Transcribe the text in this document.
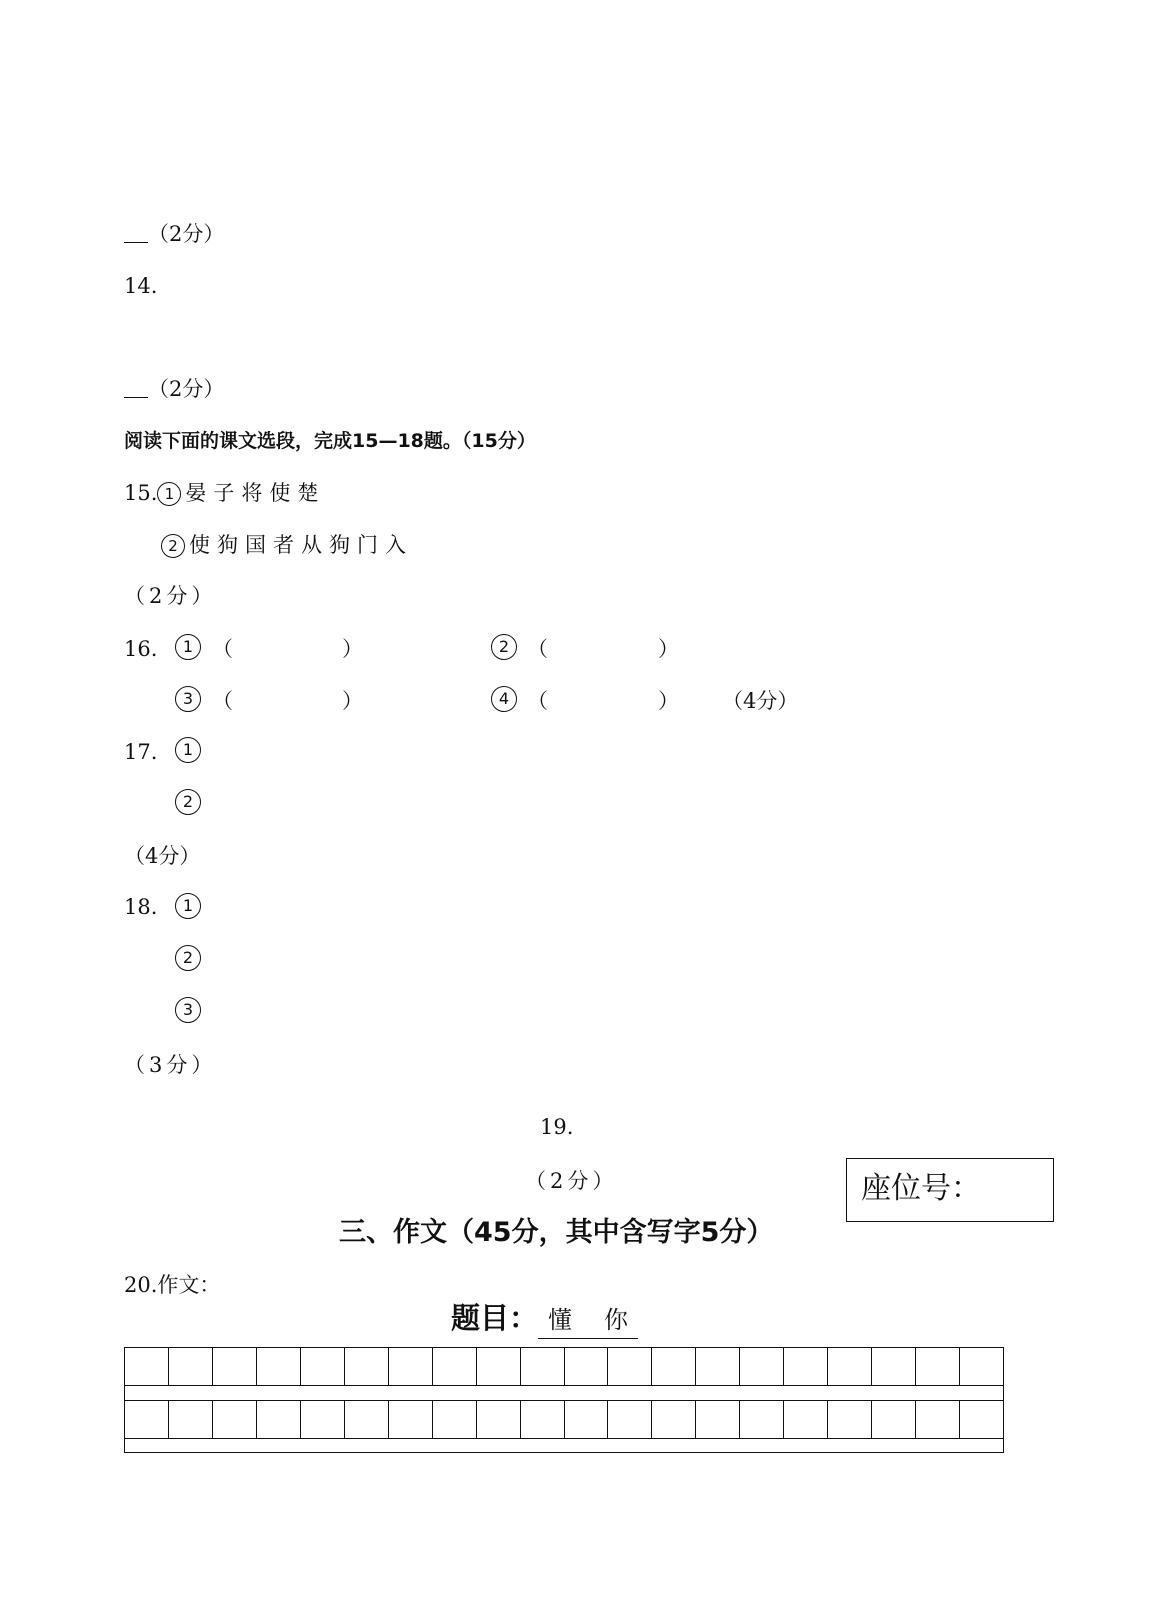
（2分）
14.
（2分）
阅读下面的课文选段，完成15—18题。（15分）
15. 1 晏子将使楚
2 使狗国者从狗门入
（2分）
16.	1 （	）	2 （	）
3 （	）	4 （	） （4分）
17.	1
2
（4分）
18.	1
2
3
（3分）
19.
（2分）	座位号：
三、作文（45分，其中含写字5分）
20.作文：
题目： 懂 你
